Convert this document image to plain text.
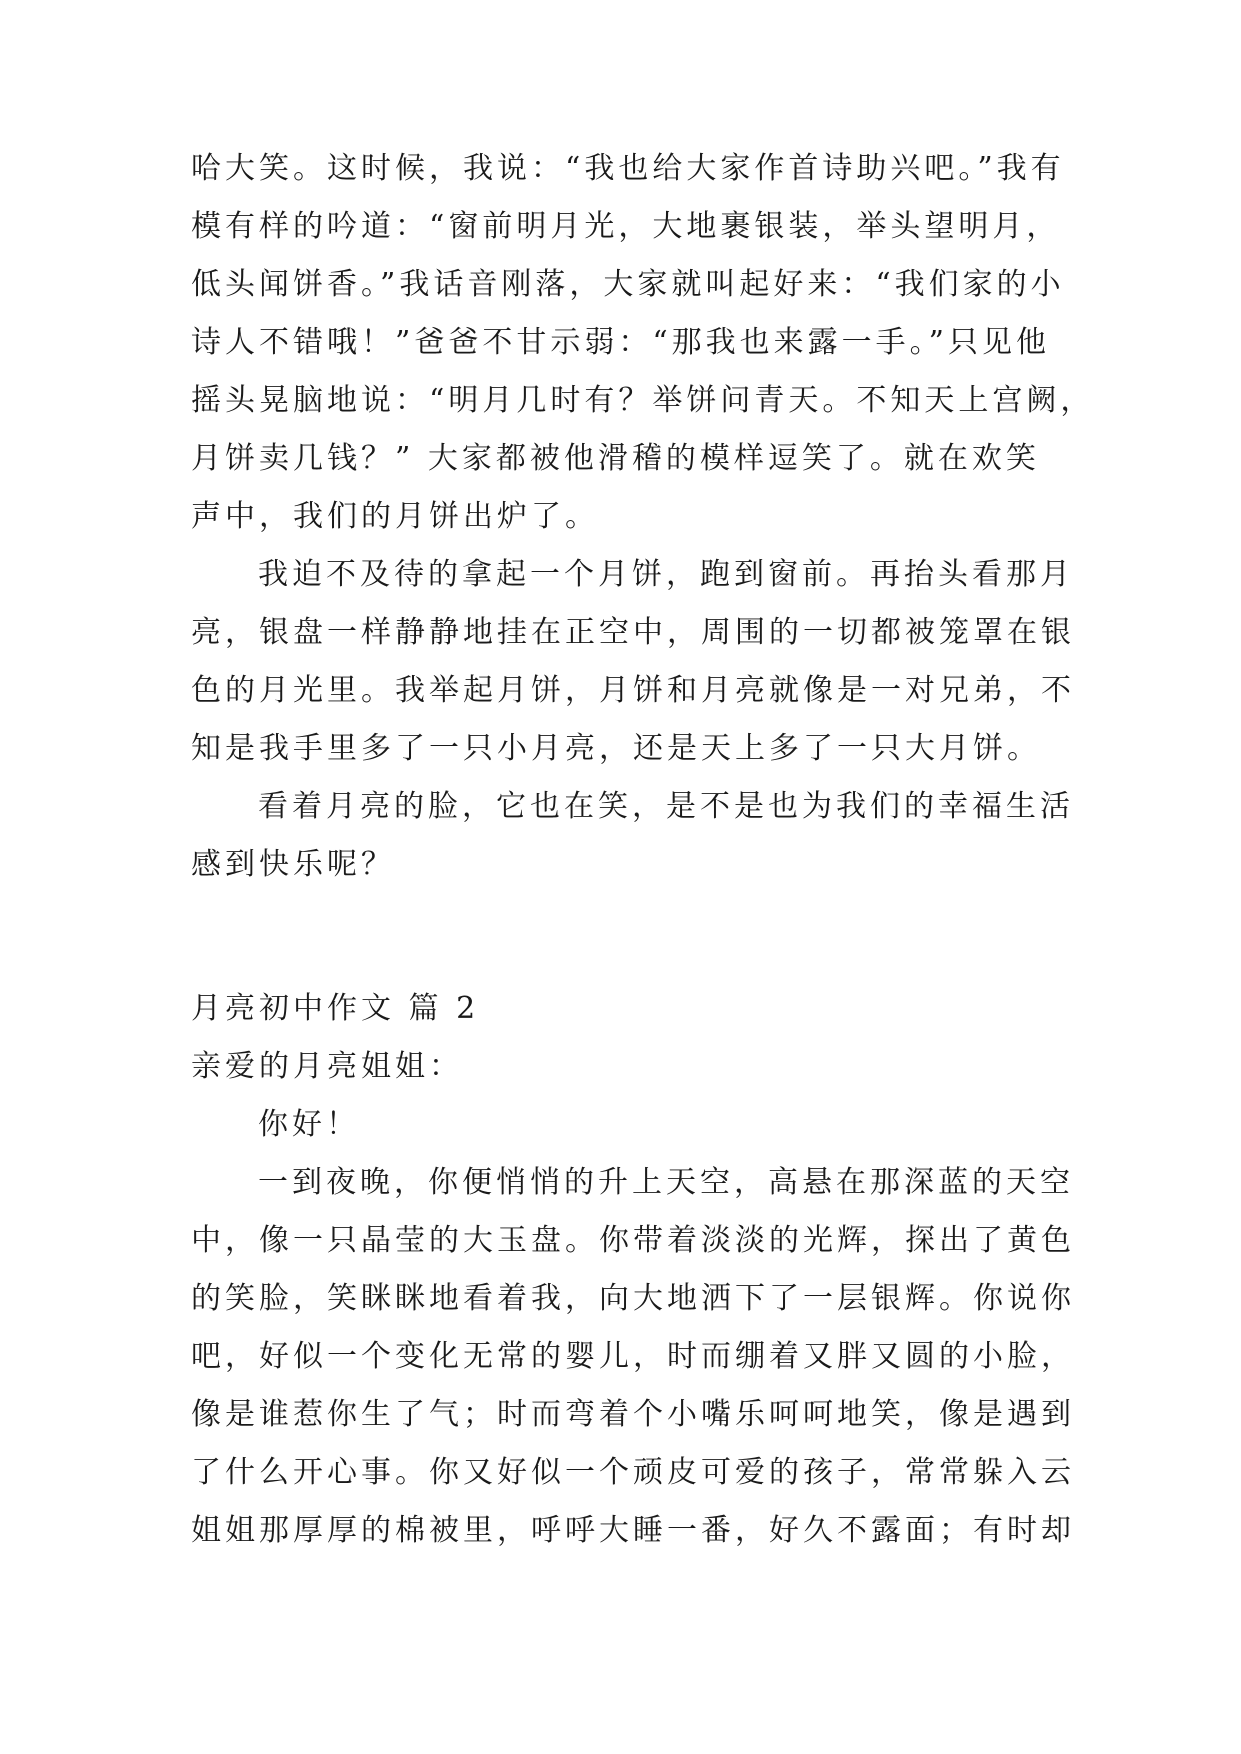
哈大笑。这时候，我说：“我也给大家作首诗助兴吧。”我有
模有样的吟道：“窗前明月光，大地裹银装，举头望明月，
低头闻饼香。”我话音刚落，大家就叫起好来：“我们家的小
诗人不错哦！”爸爸不甘示弱：“那我也来露一手。”只见他
摇头晃脑地说：“明月几时有？举饼问青天。不知天上宫阙，
月饼卖几钱？” 大家都被他滑稽的模样逗笑了。就在欢笑
声中，我们的月饼出炉了。
我迫不及待的拿起一个月饼，跑到窗前。再抬头看那月
亮，银盘一样静静地挂在正空中，周围的一切都被笼罩在银
色的月光里。我举起月饼，月饼和月亮就像是一对兄弟，不
知是我手里多了一只小月亮，还是天上多了一只大月饼。
看着月亮的脸，它也在笑，是不是也为我们的幸福生活
感到快乐呢？
月亮初中作文 篇 2
亲爱的月亮姐姐：
你好！
一到夜晚，你便悄悄的升上天空，高悬在那深蓝的天空
中，像一只晶莹的大玉盘。你带着淡淡的光辉，探出了黄色
的笑脸，笑眯眯地看着我，向大地洒下了一层银辉。你说你
吧，好似一个变化无常的婴儿，时而绷着又胖又圆的小脸，
像是谁惹你生了气；时而弯着个小嘴乐呵呵地笑，像是遇到
了什么开心事。你又好似一个顽皮可爱的孩子，常常躲入云
姐姐那厚厚的棉被里，呼呼大睡一番，好久不露面；有时却
